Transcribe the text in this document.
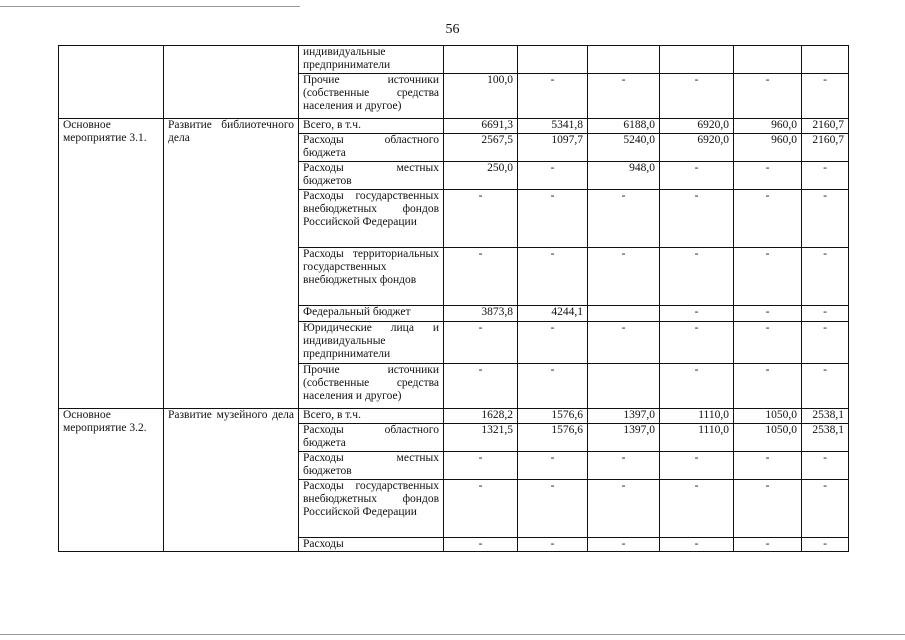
56
		индивидуальные предприниматели						
		Прочие источники (собственные средства населения и другое)	100,0	-	-	-	-	-
Основное мероприятие 3.1.	Развитие библиотечного дела	Всего, в т.ч.	6691,3	5341,8	6188,0	6920,0	960,0	2160,7
		Расходы областного бюджета	2567,5	1097,7	5240,0	6920,0	960,0	2160,7
		Расходы местных бюджетов	250,0	-	948,0	-	-	-
		Расходы государственных внебюджетных фондов Российской Федерации	-	-	-	-	-	-
		Расходы территориальных государственных внебюджетных фондов	-	-	-	-	-	-
		Федеральный бюджет	3873,8	4244,1		-	-	-
		Юридические лица и индивидуальные предприниматели	-	-	-	-	-	-
		Прочие источники (собственные средства населения и другое)	-	-		-	-	-
Основное мероприятие 3.2.	Развитие музейного дела	Всего, в т.ч.	1628,2	1576,6	1397,0	1110,0	1050,0	2538,1
		Расходы областного бюджета	1321,5	1576,6	1397,0	1110,0	1050,0	2538,1
		Расходы местных бюджетов	-	-	-	-	-	-
		Расходы государственных внебюджетных фондов Российской Федерации	-	-	-	-	-	-
		Расходы	-	-	-	-	-	-
